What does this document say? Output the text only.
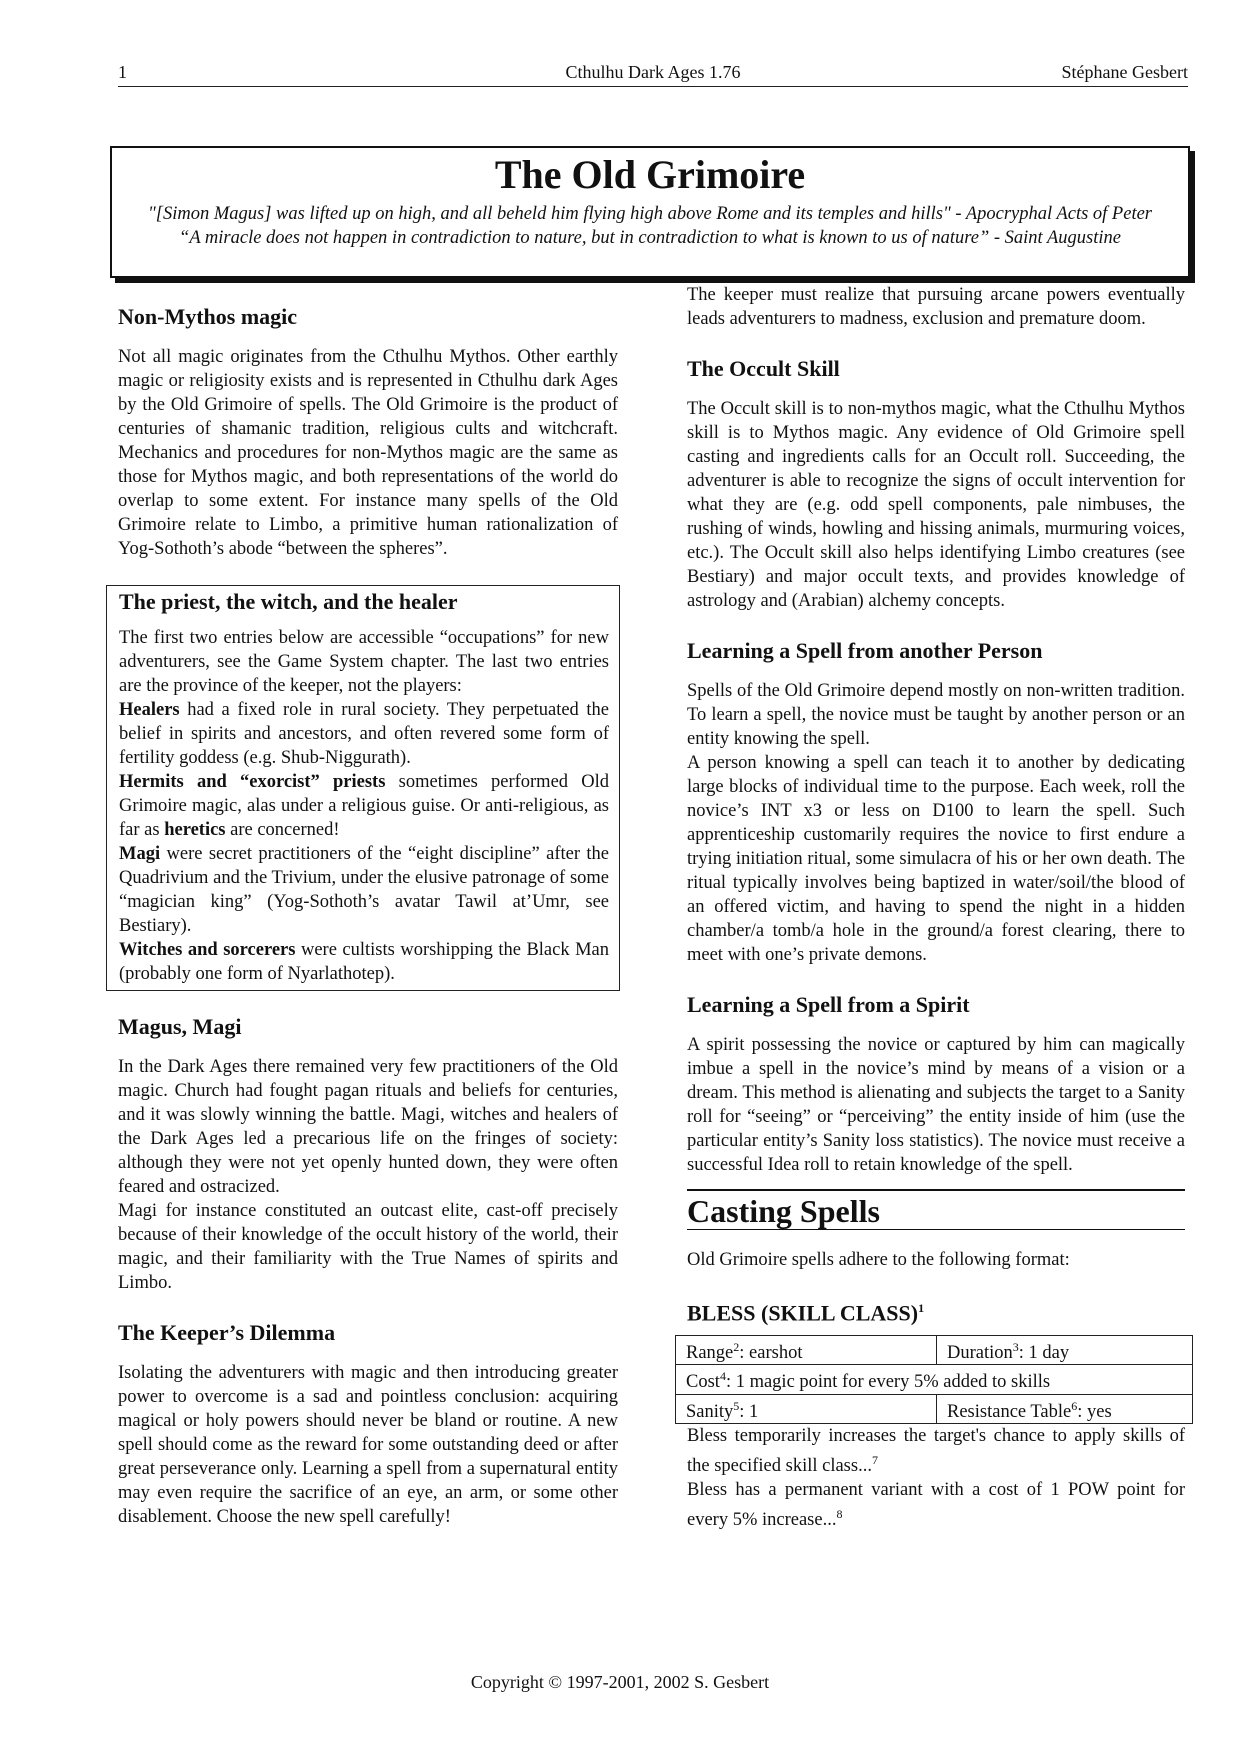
1	Cthulhu Dark Ages 1.76	Stéphane Gesbert
The Old Grimoire

"[Simon Magus] was lifted up on high, and all beheld him flying high above Rome and its temples and hills" - Apocryphal Acts of Peter

“A miracle does not happen in contradiction to nature, but in contradiction to what is known to us of nature” - Saint Augustine

Non-Mythos magic

Not all magic originates from the Cthulhu Mythos. Other earthly magic or religiosity exists and is represented in Cthulhu dark Ages by the Old Grimoire of spells. The Old Grimoire is the product of centuries of shamanic tradition, religious cults and witchcraft. Mechanics and procedures for non-Mythos magic are the same as those for Mythos magic, and both representations of the world do overlap to some extent. For instance many spells of the Old Grimoire relate to Limbo, a primitive human rationalization of Yog-Sothoth’s abode “between the spheres”.

The priest, the witch, and the healer

The first two entries below are accessible “occupations” for new adventurers, see the Game System chapter. The last two entries are the province of the keeper, not the players:

Healers had a fixed role in rural society. They perpetuated the belief in spirits and ancestors, and often revered some form of fertility goddess (e.g. Shub-Niggurath).

Hermits and “exorcist” priests sometimes performed Old Grimoire magic, alas under a religious guise. Or anti-religious, as far as heretics are concerned!

Magi were secret practitioners of the “eight discipline” after the Quadrivium and the Trivium, under the elusive patronage of some “magician king” (Yog-Sothoth’s avatar Tawil at’Umr, see Bestiary).

Witches and sorcerers were cultists worshipping the Black Man (probably one form of Nyarlathotep).

Magus, Magi

In the Dark Ages there remained very few practitioners of the Old magic. Church had fought pagan rituals and beliefs for centuries, and it was slowly winning the battle. Magi, witches and healers of the Dark Ages led a precarious life on the fringes of society: although they were not yet openly hunted down, they were often feared and ostracized.

Magi for instance constituted an outcast elite, cast-off precisely because of their knowledge of the occult history of the world, their magic, and their familiarity with the True Names of spirits and Limbo.

The Keeper’s Dilemma

Isolating the adventurers with magic and then introducing greater power to overcome is a sad and pointless conclusion: acquiring magical or holy powers should never be bland or routine. A new spell should come as the reward for some outstanding deed or after great perseverance only. Learning a spell from a supernatural entity may even require the sacrifice of an eye, an arm, or some other disablement. Choose the new spell carefully!

The keeper must realize that pursuing arcane powers eventually leads adventurers to madness, exclusion and premature doom.

The Occult Skill

The Occult skill is to non-mythos magic, what the Cthulhu Mythos skill is to Mythos magic. Any evidence of Old Grimoire spell casting and ingredients calls for an Occult roll. Succeeding, the adventurer is able to recognize the signs of occult intervention for what they are (e.g. odd spell components, pale nimbuses, the rushing of winds, howling and hissing animals, murmuring voices, etc.). The Occult skill also helps identifying Limbo creatures (see Bestiary) and major occult texts, and provides knowledge of astrology and (Arabian) alchemy concepts.

Learning a Spell from another Person

Spells of the Old Grimoire depend mostly on non-written tradition. To learn a spell, the novice must be taught by another person or an entity knowing the spell.

A person knowing a spell can teach it to another by dedicating large blocks of individual time to the purpose. Each week, roll the novice’s INT x3 or less on D100 to learn the spell. Such apprenticeship customarily requires the novice to first endure a trying initiation ritual, some simulacra of his or her own death. The ritual typically involves being baptized in water/soil/the blood of an offered victim, and having to spend the night in a hidden chamber/a tomb/a hole in the ground/a forest clearing, there to meet with one’s private demons.

Learning a Spell from a Spirit

A spirit possessing the novice or captured by him can magically imbue a spell in the novice’s mind by means of a vision or a dream. This method is alienating and subjects the target to a Sanity roll for “seeing” or “perceiving” the entity inside of him (use the particular entity’s Sanity loss statistics). The novice must receive a successful Idea roll to retain knowledge of the spell.

Casting Spells

Old Grimoire spells adhere to the following format:

BLESS (SKILL CLASS)$^1$
Range$^2$: earshot	Duration$^3$: 1 day
Cost$^4$: 1 magic point for every 5% added to skills
Sanity$^5$: 1	Resistance Table$^6$: yes

Bless temporarily increases the target's chance to apply skills of the specified skill class...$^7$

Bless has a permanent variant with a cost of 1 POW point for every 5% increase...$^8$

Copyright © 1997-2001, 2002 S. Gesbert
